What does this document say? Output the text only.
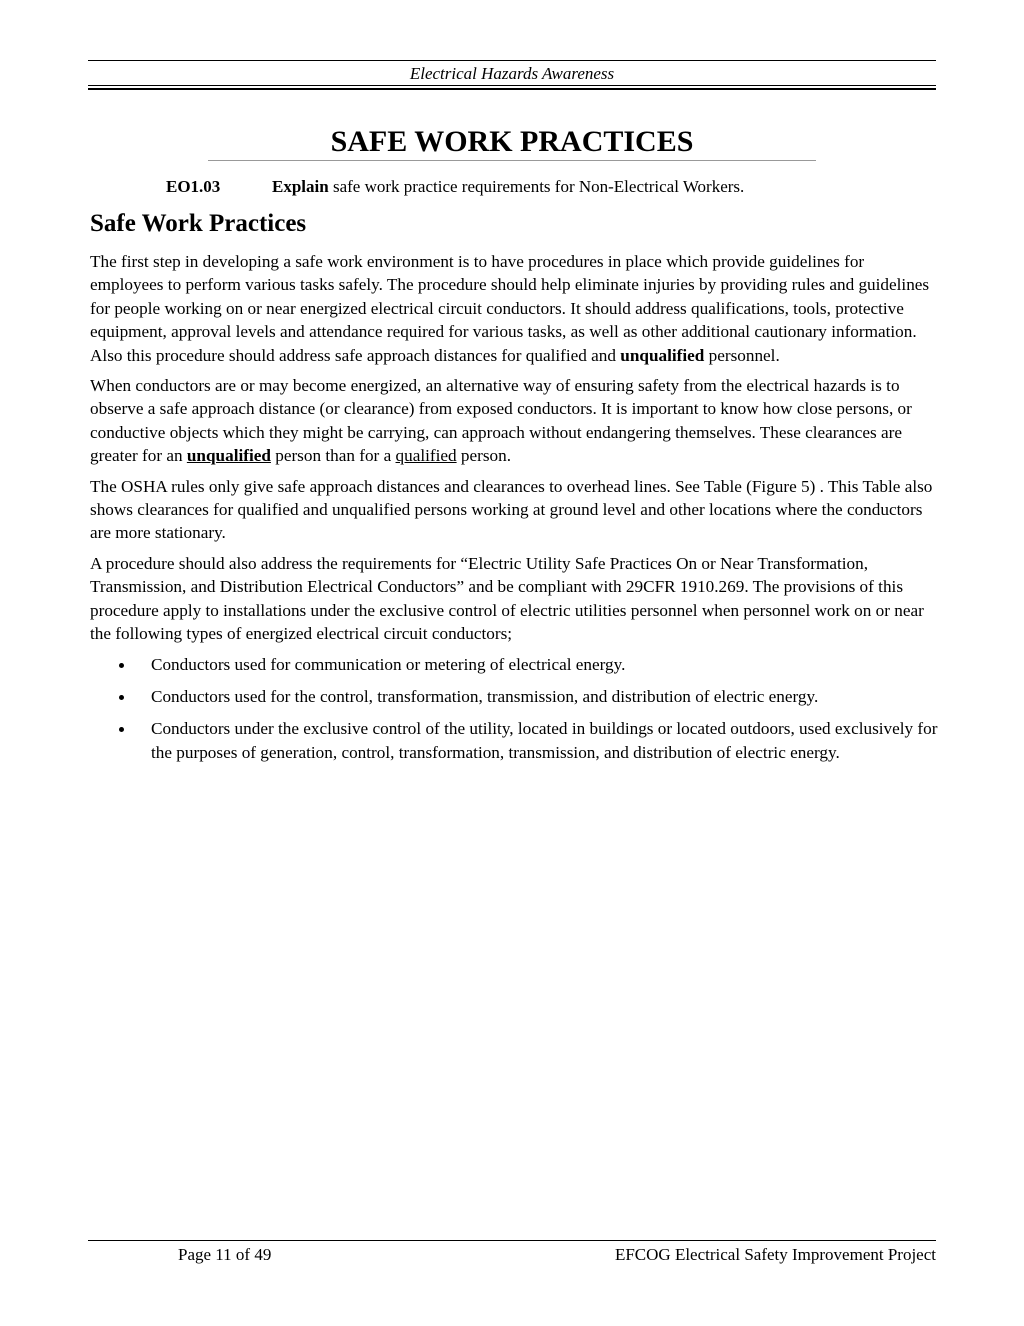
Electrical Hazards Awareness
SAFE WORK PRACTICES
EO1.03	Explain safe work practice requirements for Non-Electrical Workers.
Safe Work Practices

The first step in developing a safe work environment is to have procedures in place which provide guidelines for employees to perform various tasks safely. The procedure should help eliminate injuries by providing rules and guidelines for people working on or near energized electrical circuit conductors. It should address qualifications, tools, protective equipment, approval levels and attendance required for various tasks, as well as other additional cautionary information. Also this procedure should address safe approach distances for qualified and unqualified personnel.

When conductors are or may become energized, an alternative way of ensuring safety from the electrical hazards is to observe a safe approach distance (or clearance) from exposed conductors. It is important to know how close persons, or conductive objects which they might be carrying, can approach without endangering themselves. These clearances are greater for an unqualified person than for a qualified person.

The OSHA rules only give safe approach distances and clearances to overhead lines. See Table (Figure 5) . This Table also shows clearances for qualified and unqualified persons working at ground level and other locations where the conductors are more stationary.

A procedure should also address the requirements for “Electric Utility Safe Practices On or Near Transformation, Transmission, and Distribution Electrical Conductors” and be compliant with 29CFR 1910.269. The provisions of this procedure apply to installations under the exclusive control of electric utilities personnel when personnel work on or near the following types of energized electrical circuit conductors;

Conductors used for communication or metering of electrical energy.
Conductors used for the control, transformation, transmission, and distribution of electric energy.
Conductors under the exclusive control of the utility, located in buildings or located outdoors, used exclusively for the purposes of generation, control, transformation, transmission, and distribution of electric energy.
Page 11 of 49	EFCOG Electrical Safety Improvement Project
